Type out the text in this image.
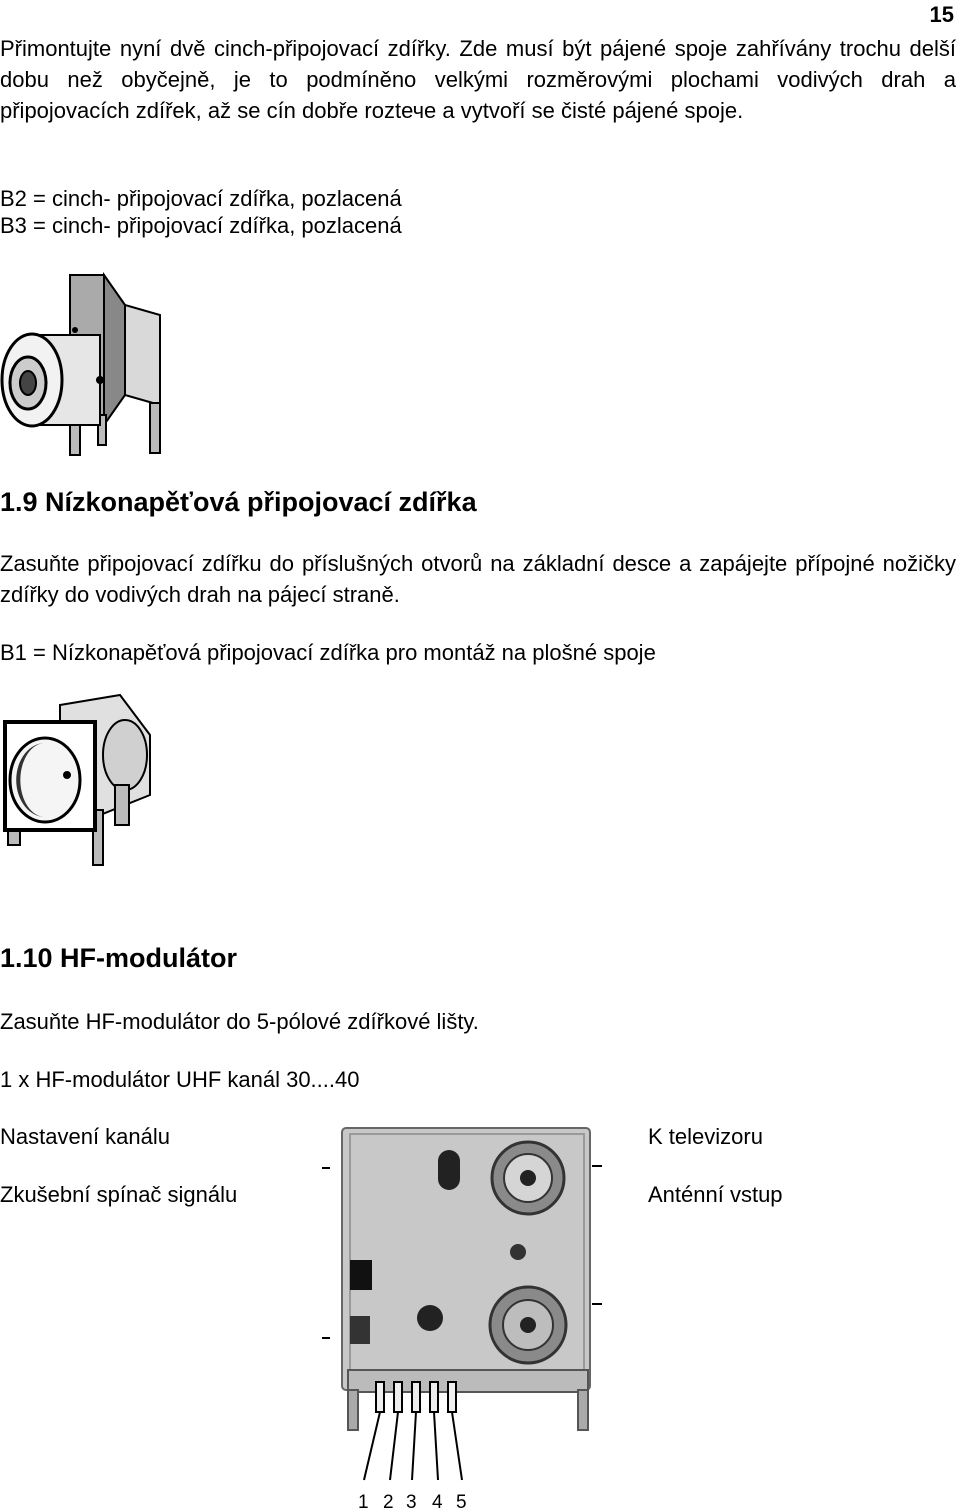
15

Přimontujte nyní dvě cinch-připojovací zdířky. Zde musí být pájené spoje zahřívány trochu delší dobu než obyčejně, je to podmíněno velkými rozměrovými plochami vodivých drah a připojovacích zdířek, až se cín dobře roztече a vytvoří se čisté pájené spoje.

B2 = cinch- připojovací zdířka, pozlacená

B3 = cinch- připojovací zdířka, pozlacená

1.9 Nízkonapěťová připojovací zdířka

Zasuňte připojovací zdířku do příslušných otvorů na základní desce a zapájejte přípojné nožičky zdířky do vodivých drah na pájecí straně.

B1 = Nízkonapěťová připojovací zdířka pro montáž na plošné spoje

1.10 HF-modulátor

Zasuňte HF-modulátor do 5-pólové zdířkové lišty.

1 x HF-modulátor UHF kanál 30....40

Nastavení kanálu

Zkušební spínač signálu

K televizoru

Anténní vstup

1 2 3 4 5
